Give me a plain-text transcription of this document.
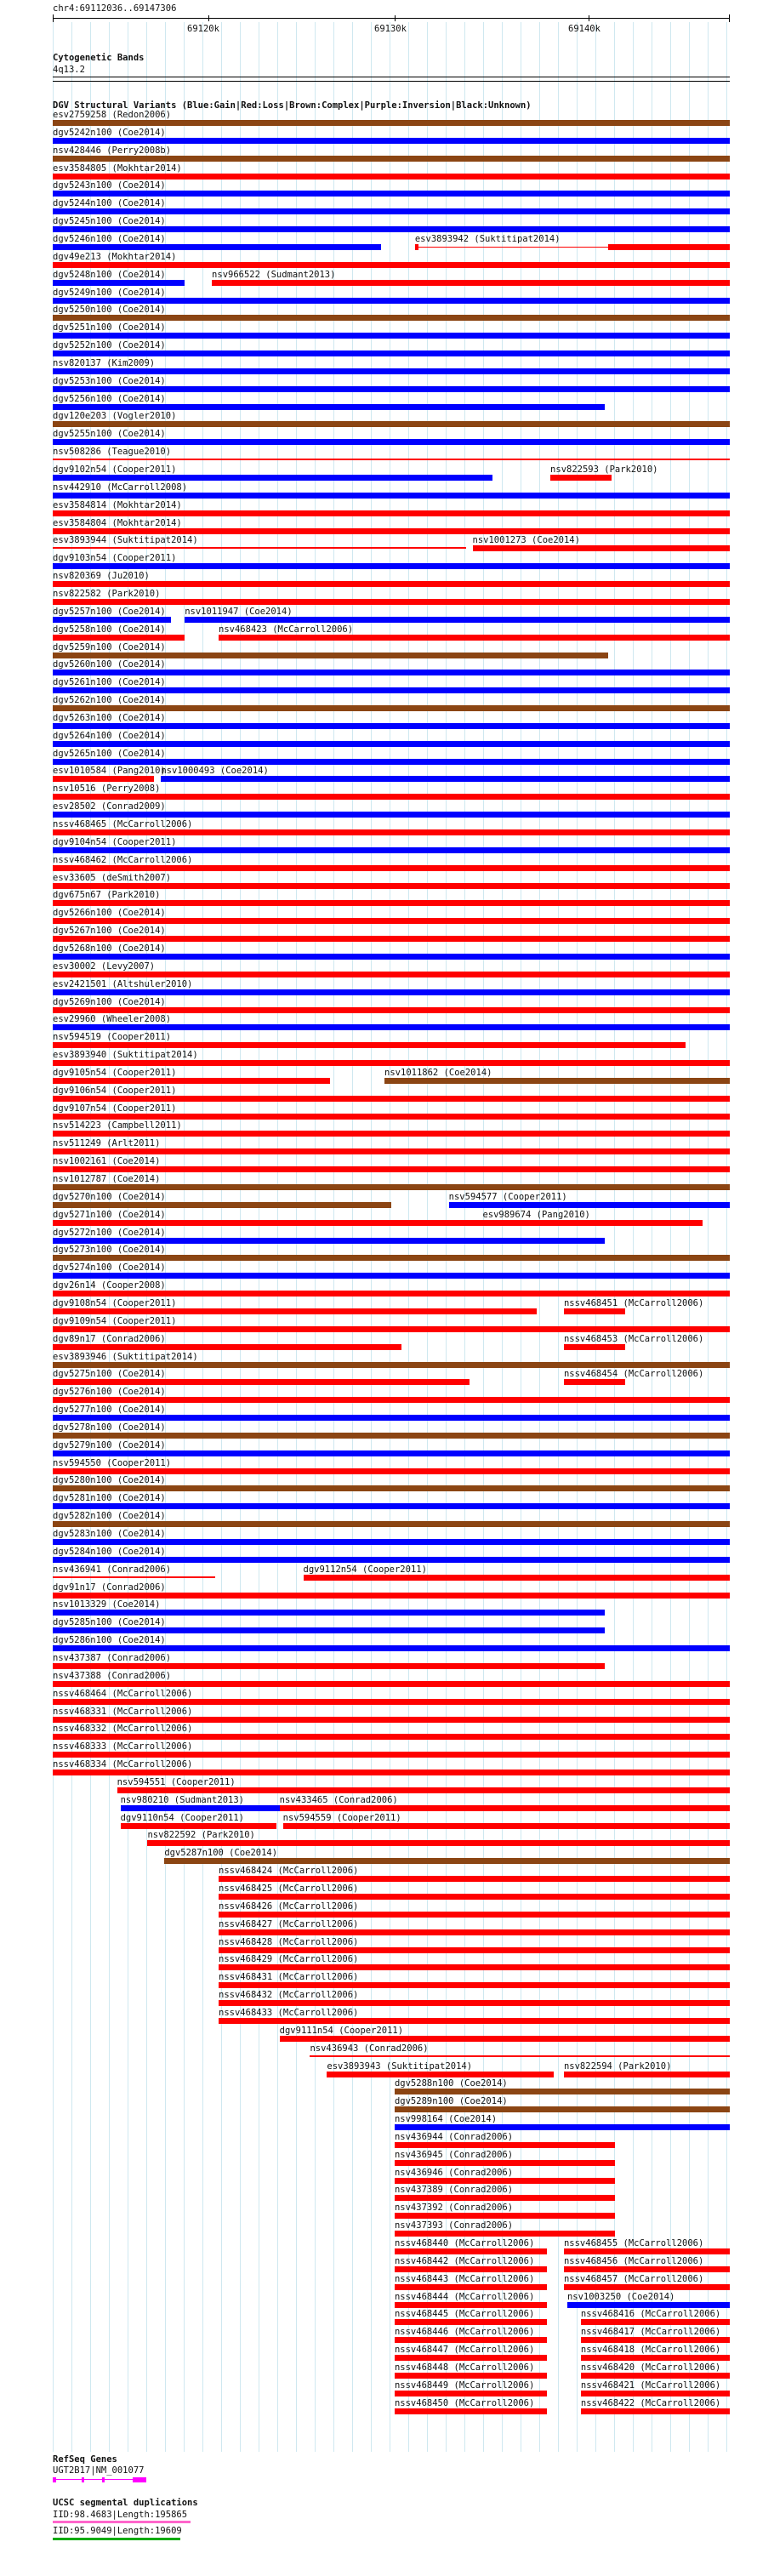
chr4:69112036..69147306
69120k	69130k	69140k
Cytogenetic Bands
4q13.2
DGV Structural Variants (Blue:Gain|Red:Loss|Brown:Complex|Purple:Inversion|Black:Unknown)
esv2759258 (Redon2006)
dgv5242n100 (Coe2014)
nsv428446 (Perry2008b)
esv3584805 (Mokhtar2014)
dgv5243n100 (Coe2014)
dgv5244n100 (Coe2014)
dgv5245n100 (Coe2014)
dgv5246n100 (Coe2014)	esv3893942 (Suktitipat2014)
dgv49e213 (Mokhtar2014)
dgv5248n100 (Coe2014)	nsv966522 (Sudmant2013)
dgv5249n100 (Coe2014)
dgv5250n100 (Coe2014)
dgv5251n100 (Coe2014)
dgv5252n100 (Coe2014)
nsv820137 (Kim2009)
dgv5253n100 (Coe2014)
dgv5256n100 (Coe2014)
dgv120e203 (Vogler2010)
dgv5255n100 (Coe2014)
nsv508286 (Teague2010)
dgv9102n54 (Cooper2011)	nsv822593 (Park2010)
nsv442910 (McCarroll2008)
esv3584814 (Mokhtar2014)
esv3584804 (Mokhtar2014)
esv3893944 (Suktitipat2014)	nsv1001273 (Coe2014)
dgv9103n54 (Cooper2011)
nsv820369 (Ju2010)
nsv822582 (Park2010)
dgv5257n100 (Coe2014) nsv1011947 (Coe2014)
dgv5258n100 (Coe2014)	nsv468423 (McCarroll2006)
dgv5259n100 (Coe2014)
dgv5260n100 (Coe2014)
dgv5261n100 (Coe2014)
dgv5262n100 (Coe2014)
dgv5263n100 (Coe2014)
dgv5264n100 (Coe2014)
dgv5265n100 (Coe2014)
esv1010584 (Pang2010)
nsv1000493 (Coe2014)
nsv10516 (Perry2008)
esv28502 (Conrad2009)
nssv468465 (McCarroll2006)
dgv9104n54 (Cooper2011)
nssv468462 (McCarroll2006)
esv33605 (deSmith2007)
dgv675n67 (Park2010)
dgv5266n100 (Coe2014)
dgv5267n100 (Coe2014)
dgv5268n100 (Coe2014)
esv30002 (Levy2007)
esv2421501 (Altshuler2010)
dgv5269n100 (Coe2014)
esv29960 (Wheeler2008)
nsv594519 (Cooper2011)
esv3893940 (Suktitipat2014)
dgv9105n54 (Cooper2011)	nsv1011862 (Coe2014)
dgv9106n54 (Cooper2011)
dgv9107n54 (Cooper2011)
nsv514223 (Campbell2011)
nsv511249 (Arlt2011)
nsv1002161 (Coe2014)
nsv1012787 (Coe2014)
dgv5270n100 (Coe2014)	nsv594577 (Cooper2011)
dgv5271n100 (Coe2014)	esv989674 (Pang2010)
dgv5272n100 (Coe2014)
dgv5273n100 (Coe2014)
dgv5274n100 (Coe2014)
dgv26n14 (Cooper2008)
dgv9108n54 (Cooper2011)	nssv468451 (McCarroll2006)
dgv9109n54 (Cooper2011)
dgv89n17 (Conrad2006)	nssv468453 (McCarroll2006)
esv3893946 (Suktitipat2014)
dgv5275n100 (Coe2014)	nssv468454 (McCarroll2006)
dgv5276n100 (Coe2014)
dgv5277n100 (Coe2014)
dgv5278n100 (Coe2014)
dgv5279n100 (Coe2014)
nsv594550 (Cooper2011)
dgv5280n100 (Coe2014)
dgv5281n100 (Coe2014)
dgv5282n100 (Coe2014)
dgv5283n100 (Coe2014)
dgv5284n100 (Coe2014)
nsv436941 (Conrad2006)	dgv9112n54 (Cooper2011)
dgv91n17 (Conrad2006)
nsv1013329 (Coe2014)
dgv5285n100 (Coe2014)
dgv5286n100 (Coe2014)
nsv437387 (Conrad2006)
nsv437388 (Conrad2006)
nssv468464 (McCarroll2006)
nssv468331 (McCarroll2006)
nssv468332 (McCarroll2006)
nssv468333 (McCarroll2006)
nssv468334 (McCarroll2006)
nsv594551 (Cooper2011)
nsv980210 (Sudmant2013)	nsv433465 (Conrad2006)
dgv9110n54 (Cooper2011)	nsv594559 (Cooper2011)
nsv822592 (Park2010)
dgv5287n100 (Coe2014)
nssv468424 (McCarroll2006)
nssv468425 (McCarroll2006)
nssv468426 (McCarroll2006)
nssv468427 (McCarroll2006)
nssv468428 (McCarroll2006)
nssv468429 (McCarroll2006)
nssv468431 (McCarroll2006)
nssv468432 (McCarroll2006)
nssv468433 (McCarroll2006)
dgv9111n54 (Cooper2011)
nsv436943 (Conrad2006)
esv3893943 (Suktitipat2014)	nsv822594 (Park2010)
dgv5288n100 (Coe2014)
dgv5289n100 (Coe2014)
nsv998164 (Coe2014)
nsv436944 (Conrad2006)
nsv436945 (Conrad2006)
nsv436946 (Conrad2006)
nsv437389 (Conrad2006)
nsv437392 (Conrad2006)
nsv437393 (Conrad2006)
nssv468440 (McCarroll2006)	nssv468455 (McCarroll2006)
nssv468442 (McCarroll2006)	nssv468456 (McCarroll2006)
nssv468443 (McCarroll2006)	nssv468457 (McCarroll2006)
nssv468444 (McCarroll2006)	nsv1003250 (Coe2014)
nssv468445 (McCarroll2006)	nssv468416 (McCarroll2006)
nssv468446 (McCarroll2006)	nssv468417 (McCarroll2006)
nssv468447 (McCarroll2006)	nssv468418 (McCarroll2006)
nssv468448 (McCarroll2006)	nssv468420 (McCarroll2006)
nssv468449 (McCarroll2006)	nssv468421 (McCarroll2006)
nssv468450 (McCarroll2006)	nssv468422 (McCarroll2006)
RefSeq Genes
UGT2B17|NM_001077
UCSC segmental duplications
IID:98.4683|Length:195865
IID:95.9049|Length:19609
